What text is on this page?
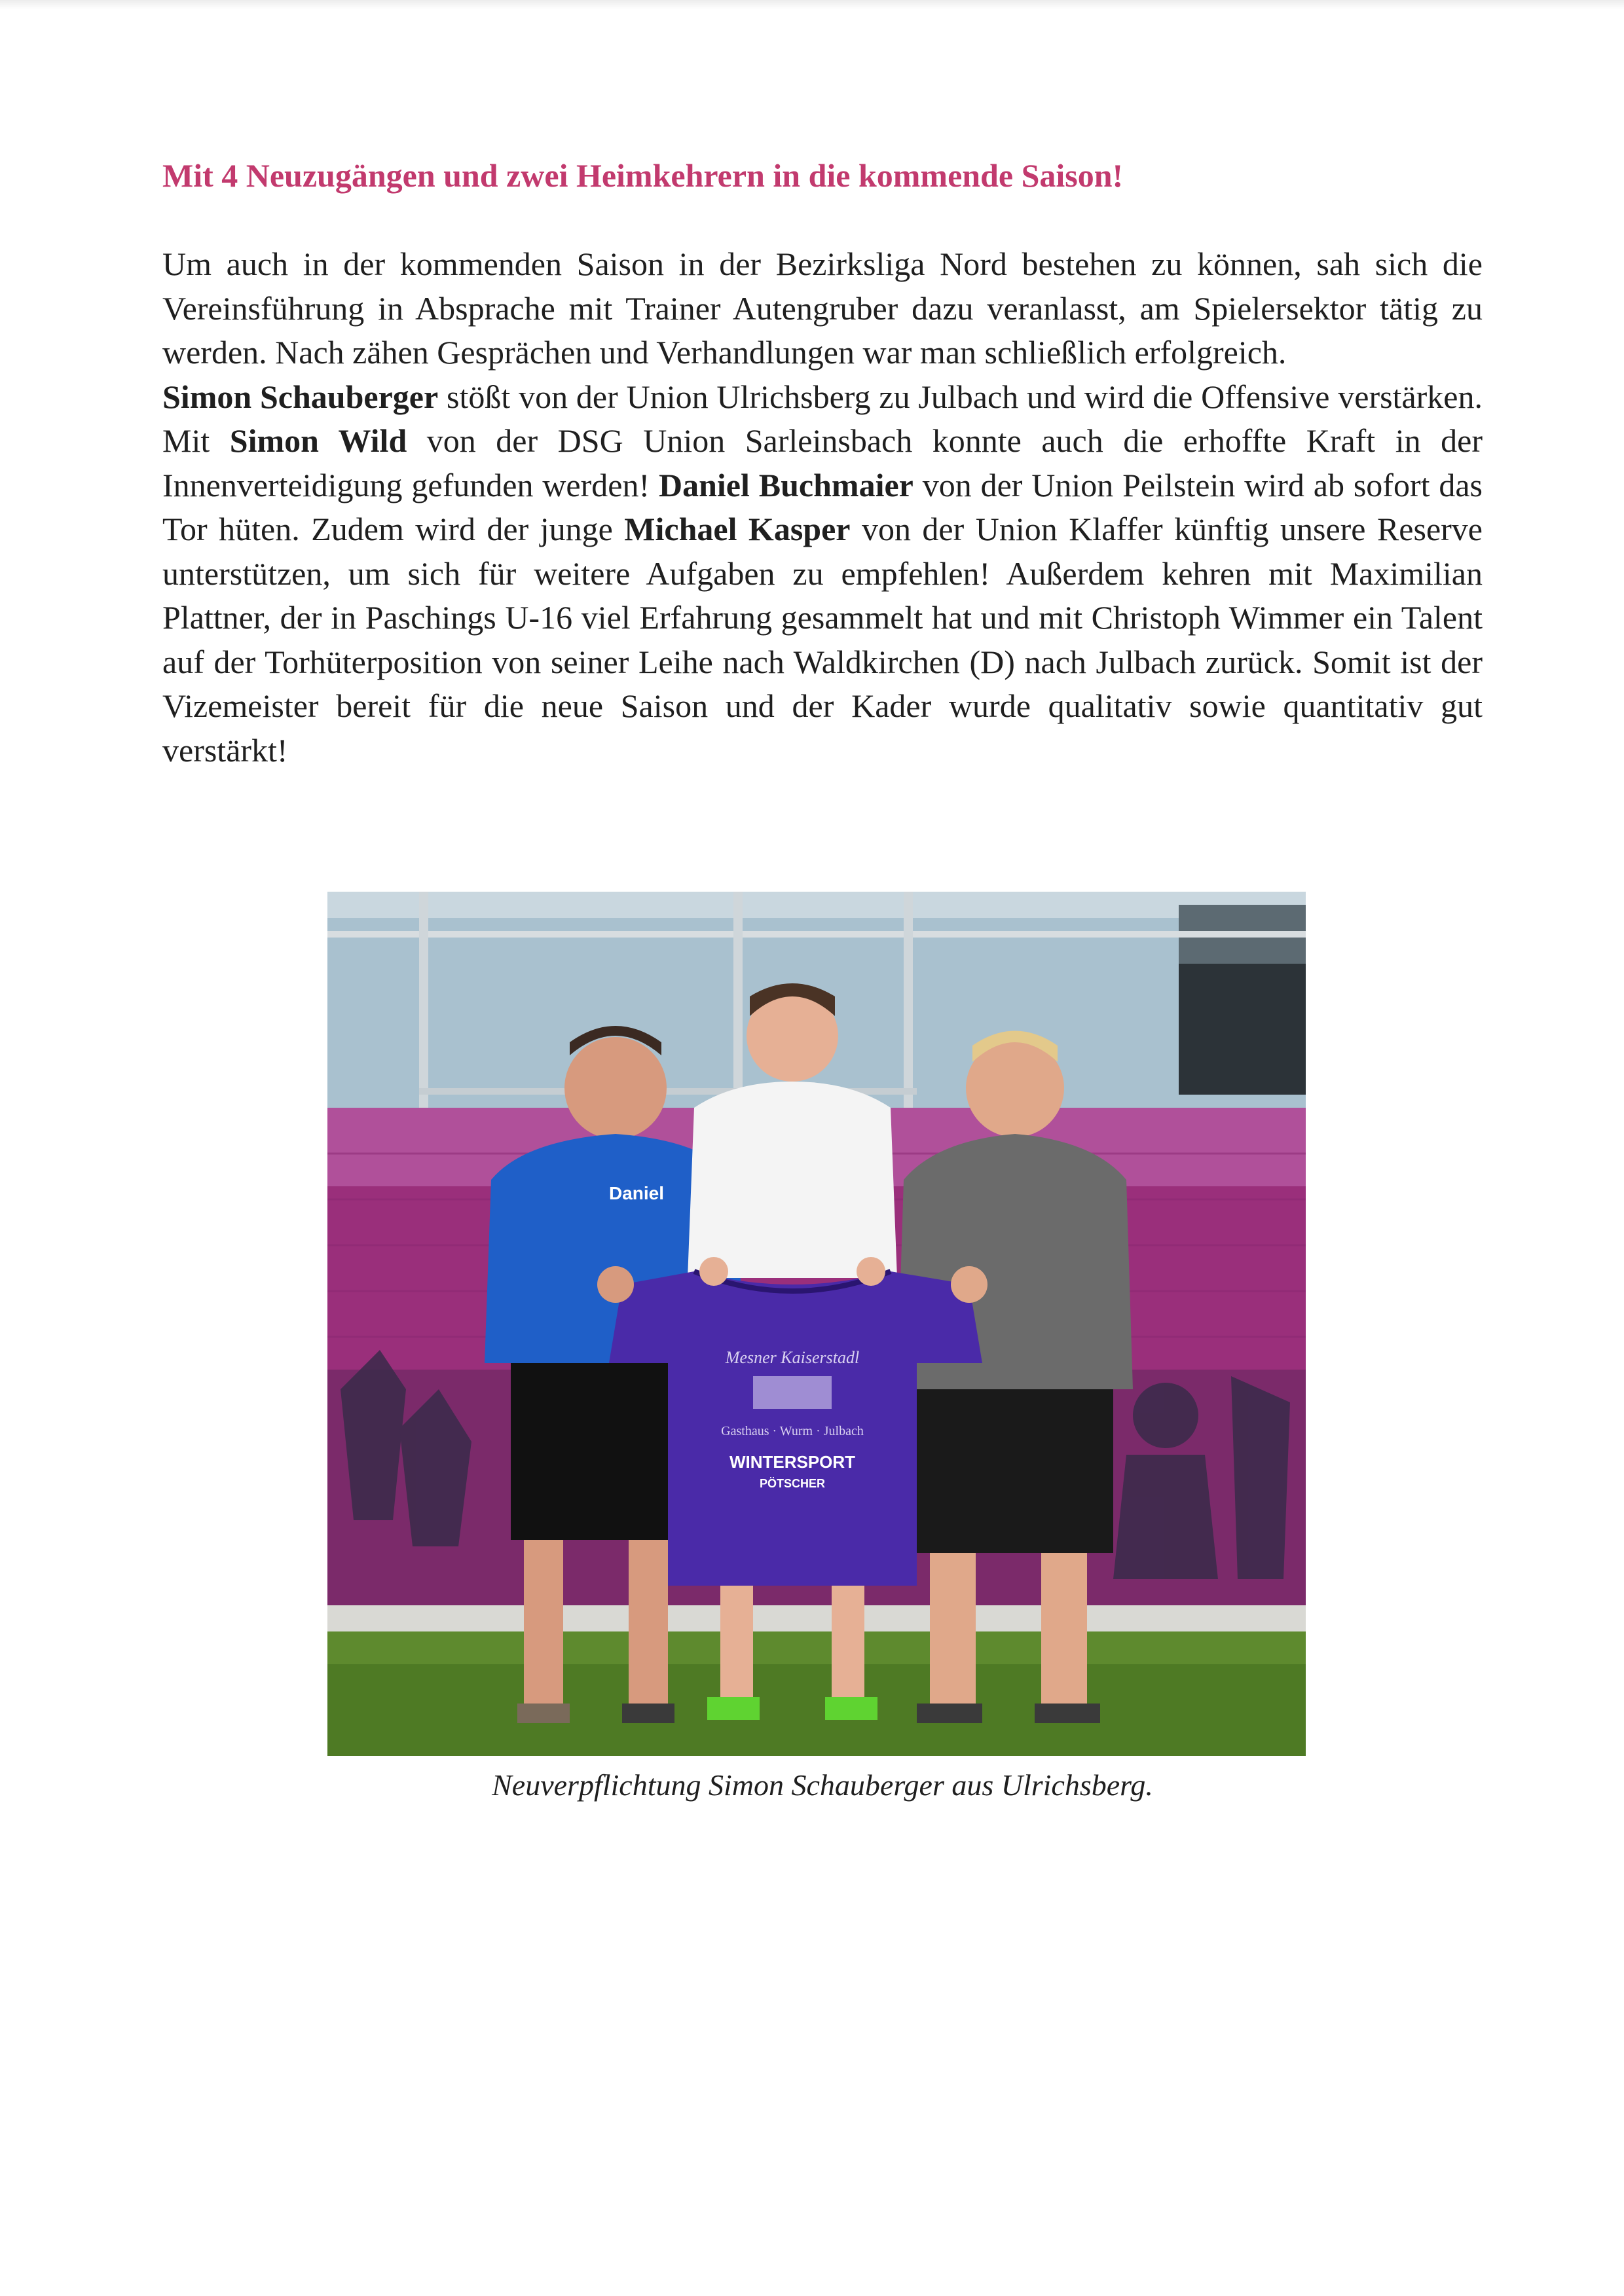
Mit 4 Neuzugängen und zwei Heimkehrern in die kommende Saison!

Um auch in der kommenden Saison in der Bezirksliga Nord bestehen zu können, sah sich die Vereinsführung in Absprache mit Trainer Autengruber dazu veranlasst, am Spielersektor tätig zu werden. Nach zähen Gesprächen und Verhandlungen war man schließlich erfolgreich.

Simon Schauberger stößt von der Union Ulrichsberg zu Julbach und wird die Offensive verstärken. Mit Simon Wild von der DSG Union Sarleinsbach konnte auch die erhoffte Kraft in der Innenverteidigung gefunden werden! Daniel Buchmaier von der Union Peilstein wird ab sofort das Tor hüten. Zudem wird der junge Michael Kasper von der Union Klaffer künftig unsere Reserve unterstützen, um sich für weitere Aufgaben zu empfehlen! Außerdem kehren mit Maximilian Plattner, der in Paschings U-16 viel Erfahrung gesammelt hat und mit Christoph Wimmer ein Talent auf der Torhüterposition von seiner Leihe nach Waldkirchen (D) nach Julbach zurück. Somit ist der Vizemeister bereit für die neue Saison und der Kader wurde qualitativ sowie quantitativ gut verstärkt!

Daniel
Mesner Kaiserstadl
Gasthaus · Wurm · Julbach
WINTERSPORT
PÖTSCHER

Neuverpflichtung Simon Schauberger aus Ulrichsberg.
